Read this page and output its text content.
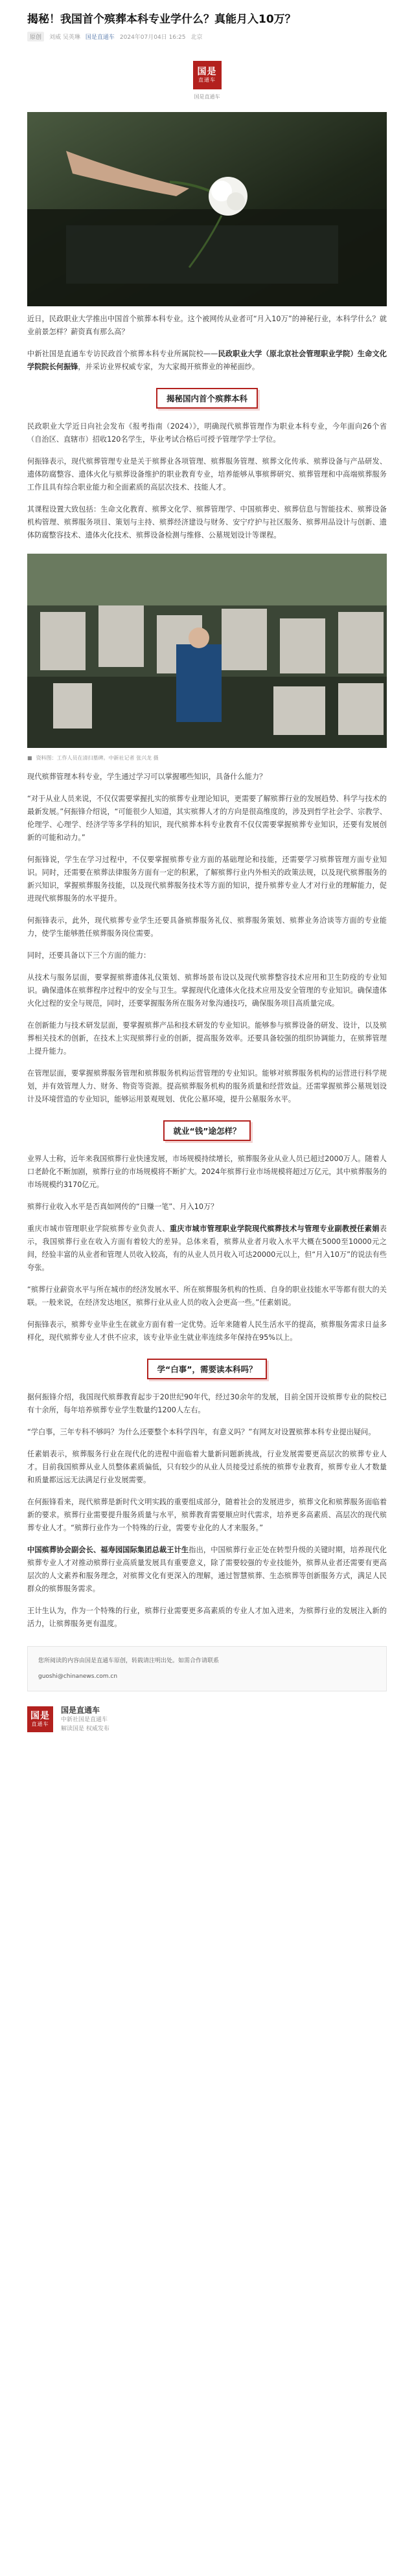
揭秘！我国首个殡葬本科专业学什么？真能月入10万？
原创	刘威 吴英琳 国是直通车 2024年07月04日 16:25 北京
国是
直通车
国是直通车

近日，民政职业大学推出中国首个殡葬本科专业。这个被网传从业者可“月入10万”的神秘行业，本科学什么？就业前景怎样？薪资真有那么高？

中新社国是直通车专访民政首个殡葬本科专业所属院校——民政职业大学（原北京社会管理职业学院）生命文化学院院长何振锋，并采访业界权威专家，为大家揭开殡葬业的神秘面纱。

揭秘国内首个殡葬本科

民政职业大学近日向社会发布《报考指南（2024）》，明确现代殡葬管理作为职业本科专业，今年面向26个省（自治区、直辖市）招收120名学生，毕业考试合格后可授予管理学学士学位。

何振锋表示，现代殡葬管理专业是关于殡葬业各项管理、殡葬服务管理、殡葬文化传承、殡葬设备与产品研发、遗体防腐整容、遗体火化与殡葬设备维护的职业教育专业，培养能够从事殡葬研究、殡葬管理和中高端殡葬服务工作且具有综合职业能力和全面素质的高层次技术、技能人才。

其课程设置大致包括：生命文化教育、殡葬文化学、殡葬管理学、中国殡葬史、殡葬信息与智能技术、殡葬设备机构管理、殡葬服务项目、策划与主持、殡葬经济建设与财务、安宁疗护与社区服务、殡葬用品设计与创新、遗体防腐整容技术、遗体火化技术、殡葬设备检测与维修、公墓规划设计等课程。

■ 资料图：工作人员在清扫墓碑。中新社记者 张兴龙 摄

现代殡葬管理本科专业，学生通过学习可以掌握哪些知识，具备什么能力？

“对于从业人员来说，不仅仅需要掌握扎实的殡葬专业理论知识，更需要了解殡葬行业的发展趋势、科学与技术的最新发展。”何振锋介绍说，“可能很少人知道，其实殡葬人才的方向是很高维度的，涉及到哲学社会学、宗教学、伦理学、心理学、经济学等多学科的知识，现代殡葬本科专业教育不仅仅需要掌握殡葬专业知识，还要有发展创新的可能和动力。”

何振锋说，学生在学习过程中，不仅要掌握殡葬专业方面的基础理论和技能，还需要学习殡葬管理方面专业知识。同时，还需要在殡葬法律服务方面有一定的积累，了解殡葬行业内外相关的政策法规，以及现代殡葬服务的新兴知识，掌握殡葬服务技能，以及现代殡葬服务技术等方面的知识，提升殡葬专业人才对行业的理解能力，促进现代殡葬服务的水平提升。

何振锋表示，此外，现代殡葬专业学生还要具备殡葬服务礼仪、殡葬服务策划、殡葬业务洽谈等方面的专业能力，使学生能够胜任殡葬服务岗位需要。

同时，还要具备以下三个方面的能力：

从技术与服务层面，要掌握殡葬遗体礼仪策划、殡葬场景布设以及现代殡葬整容技术应用和卫生防疫的专业知识。确保遗体在殡葬程序过程中的安全与卫生。掌握现代化遗体火化技术应用及安全管理的专业知识。确保遗体火化过程的安全与规范，同时，还要掌握服务所在服务对象沟通技巧，确保服务项目高质量完成。

在创新能力与技术研发层面，要掌握殡葬产品和技术研发的专业知识。能够参与殡葬设备的研发、设计，以及殡葬相关技术的创新，在技术上实现殡葬行业的创新，提高服务效率。还要具备较强的组织协调能力，在殡葬管理上提升能力。

在管理层面，要掌握殡葬服务管理和殡葬服务机构运营管理的专业知识。能够对殡葬服务机构的运营进行科学规划，并有效管理人力、财务、物资等资源。提高殡葬服务机构的服务质量和经营效益。还需掌握殡葬公墓规划设计及环境营造的专业知识，能够运用景观规划、优化公墓环境，提升公墓服务水平。

就业“钱”途怎样？

业界人士称，近年来我国殡葬行业快速发展，市场规模持续增长，殡葬服务业从业人员已超过2000万人。随着人口老龄化不断加剧，殡葬行业的市场规模将不断扩大。2024年殡葬行业市场规模将超过万亿元，其中殡葬服务的市场规模约3170亿元。

殡葬行业收入水平是否真如网传的“日赚一笔”、月入10万？

重庆市城市管理职业学院殡葬专业负责人、重庆市城市管理职业学院现代殡葬技术与管理专业副教授任素娟表示，我国殡葬行业在收入方面有着较大的差异。总体来看，殡葬从业者月收入水平大概在5000至10000元之间，经验丰富的从业者和管理人员收入较高，有的从业人员月收入可达20000元以上，但“月入10万”的说法有些夸张。

“殡葬行业薪资水平与所在城市的经济发展水平、所在殡葬服务机构的性质、自身的职业技能水平等都有很大的关联。一般来说，在经济发达地区，殡葬行业从业人员的收入会更高一些。”任素娟说。

何振锋表示，殡葬专业毕业生在就业方面有着一定优势。近年来随着人民生活水平的提高，殡葬服务需求日益多样化，现代殡葬专业人才供不应求，该专业毕业生就业率连续多年保持在95%以上。

学“白事”，需要读本科吗？

据何振锋介绍，我国现代殡葬教育起步于20世纪90年代，经过30余年的发展，目前全国开设殡葬专业的院校已有十余所，每年培养殡葬专业学生数量约1200人左右。

“学白事，三年专科不够吗？为什么还要整个本科学四年，有意义吗？”有网友对设置殡葬本科专业提出疑问。

任素娟表示，殡葬服务行业在现代化的进程中面临着大量新问题新挑战，行业发展需要更高层次的殡葬专业人才。目前我国殡葬从业人员整体素质偏低，只有较少的从业人员接受过系统的殡葬专业教育，殡葬专业人才数量和质量都远远无法满足行业发展需要。

在何振锋看来，现代殡葬是新时代文明实践的重要组成部分，随着社会的发展进步，殡葬文化和殡葬服务面临着新的要求。殡葬行业需要提升服务质量与水平，殡葬教育需要顺应时代需求，培养更多高素质、高层次的现代殡葬专业人才。“殡葬行业作为一个特殊的行业，需要专业化的人才来服务。”

中国殡葬协会副会长、福寿园国际集团总裁王计生指出，中国殡葬行业正处在转型升级的关键时期，培养现代化殡葬专业人才对推动殡葬行业高质量发展具有重要意义，除了需要较强的专业技能外，殡葬从业者还需要有更高层次的人文素养和服务理念，对殡葬文化有更深入的理解，通过智慧殡葬、生态殡葬等创新服务方式，满足人民群众的殡葬服务需求。

王计生认为，作为一个特殊的行业，殡葬行业需要更多高素质的专业人才加入进来，为殡葬行业的发展注入新的活力，让殡葬服务更有温度。

您所阅读的内容由国是直通车原创，转载请注明出处。如需合作请联系
guoshi@chinanews.com.cn
国是
直通车
国是直通车
中新社国是直通车
解读国是 权威发布
